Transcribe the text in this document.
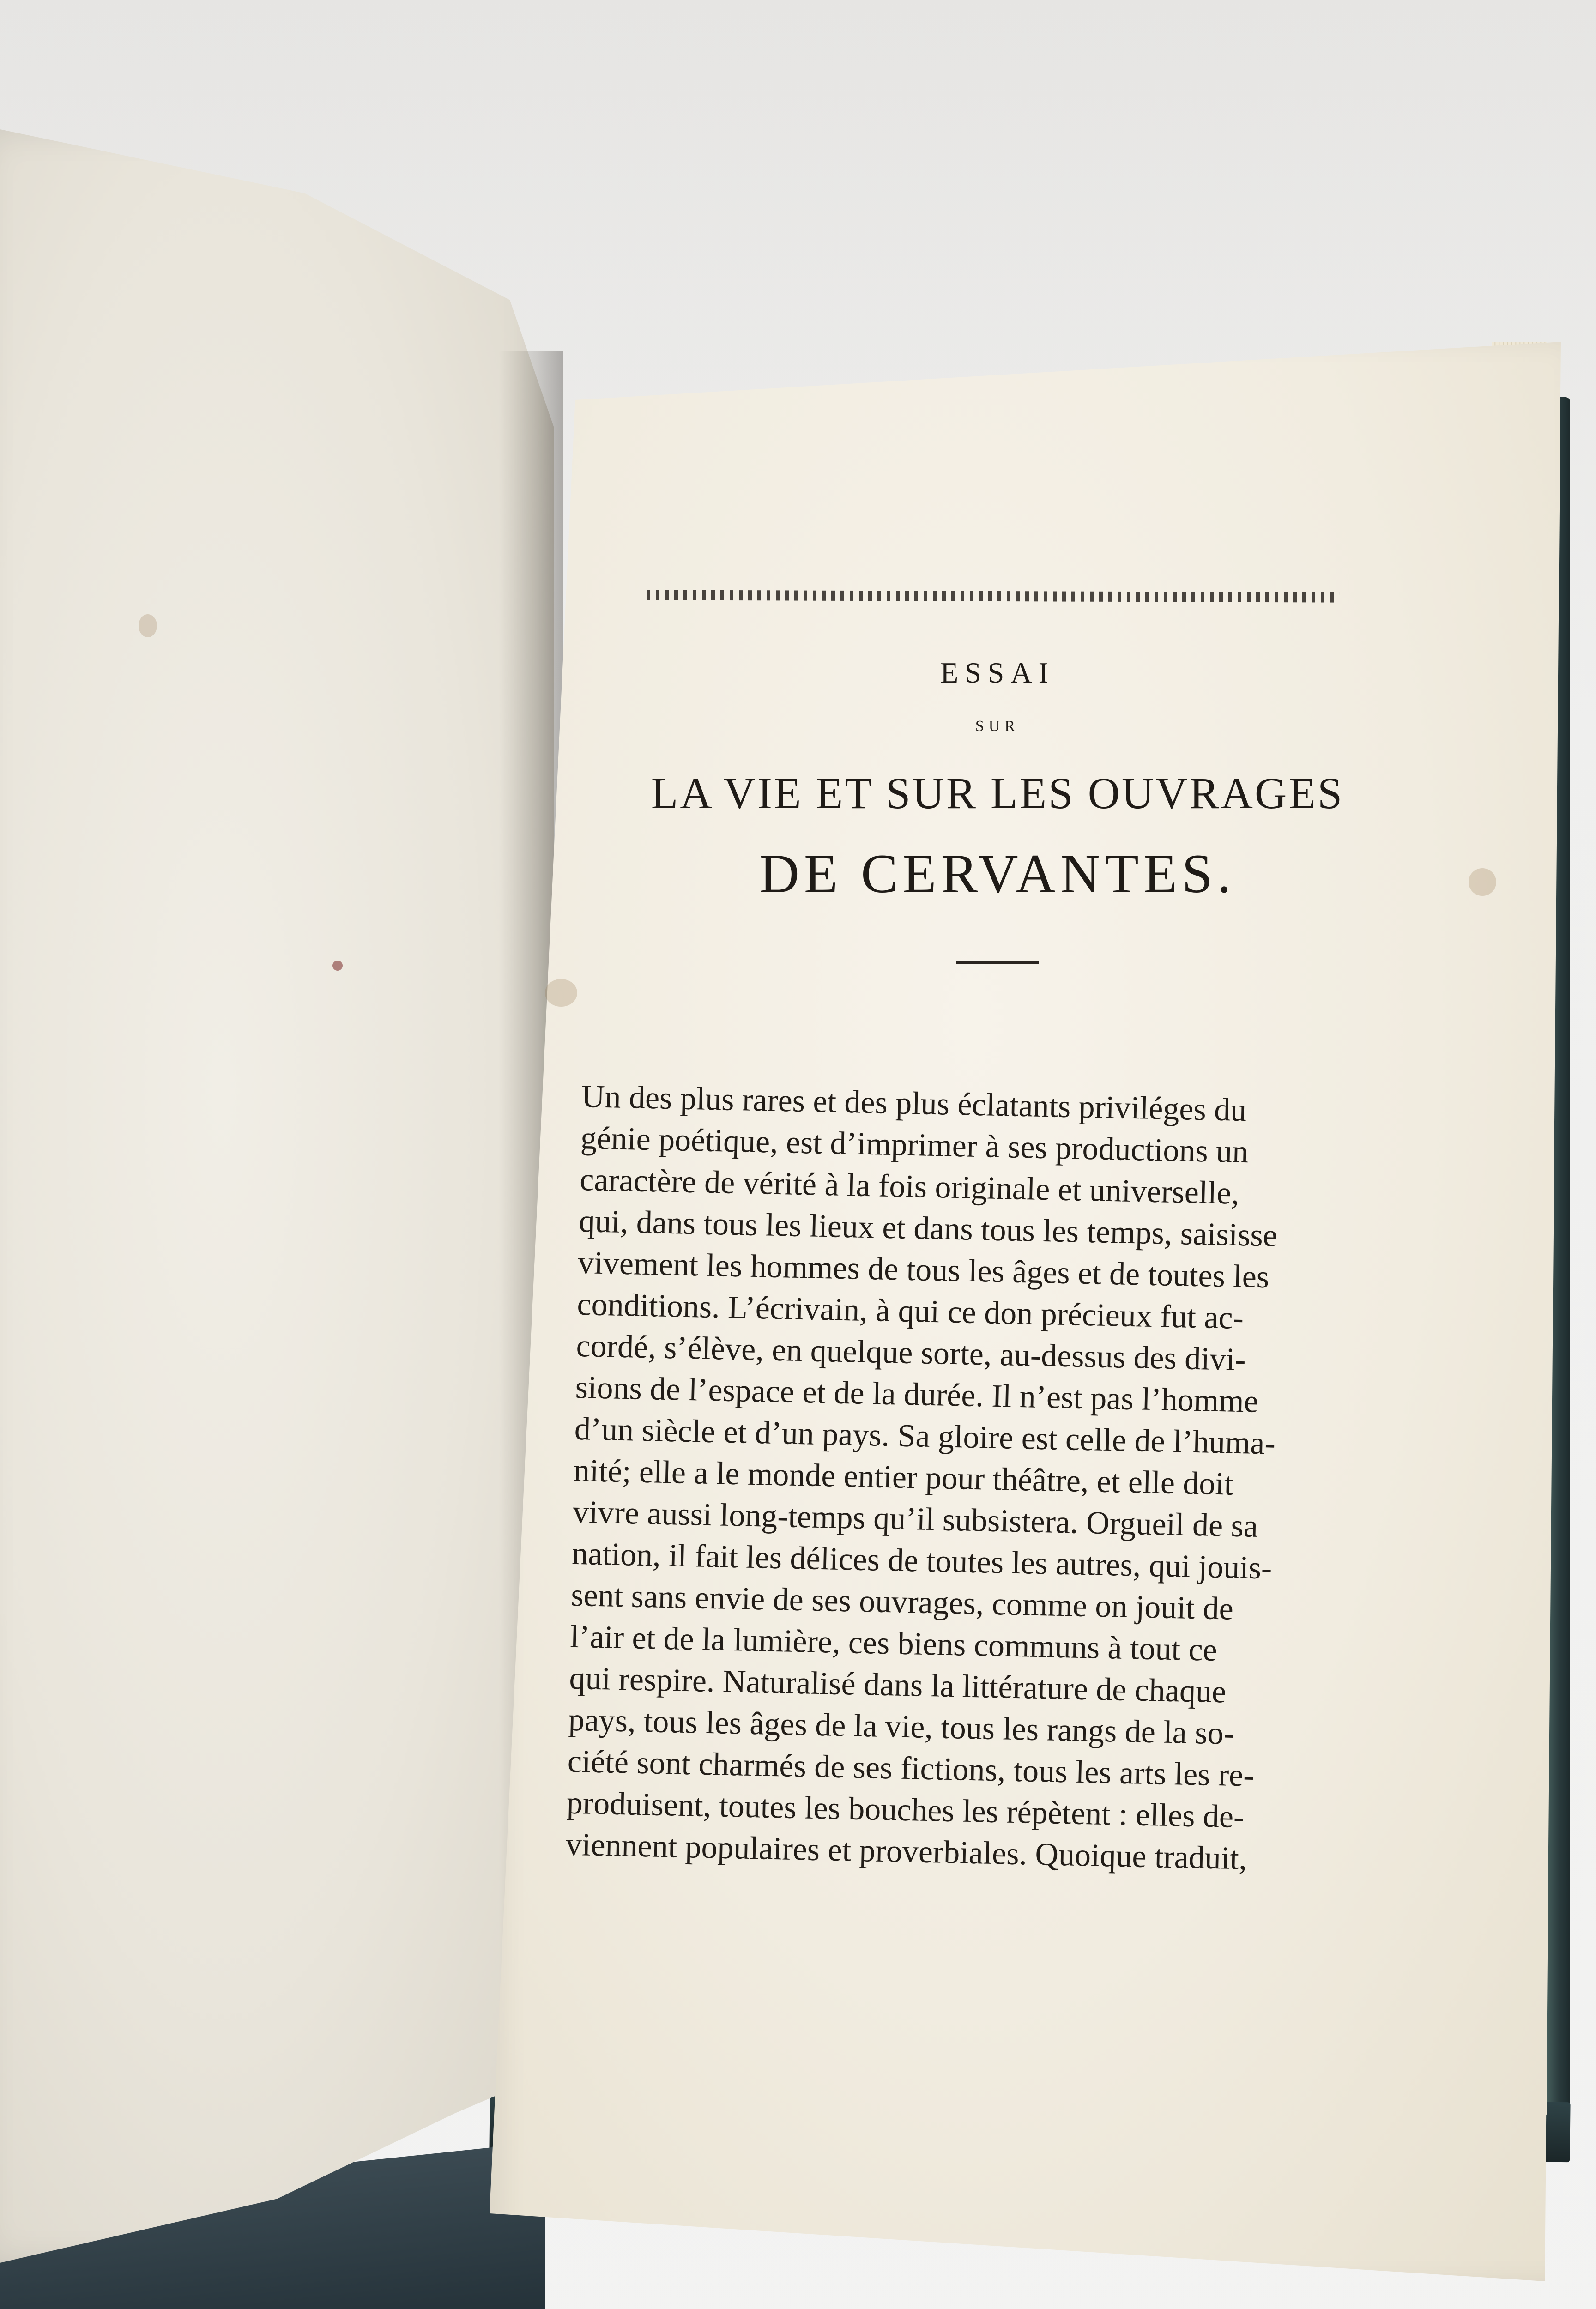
ESSAI
SUR
LA VIE ET SUR LES OUVRAGES
DE CERVANTES.
Un des plus rares et des plus éclatants priviléges du
génie poétique, est d’imprimer à ses productions un
caractère de vérité à la fois originale et universelle,
qui, dans tous les lieux et dans tous les temps, saisisse
vivement les hommes de tous les âges et de toutes les
conditions. L’écrivain, à qui ce don précieux fut ac-
cordé, s’élève, en quelque sorte, au-dessus des divi-
sions de l’espace et de la durée. Il n’est pas l’homme
d’un siècle et d’un pays. Sa gloire est celle de l’huma-
nité; elle a le monde entier pour théâtre, et elle doit
vivre aussi long-temps qu’il subsistera. Orgueil de sa
nation, il fait les délices de toutes les autres, qui jouis-
sent sans envie de ses ouvrages, comme on jouit de
l’air et de la lumière, ces biens communs à tout ce
qui respire. Naturalisé dans la littérature de chaque
pays, tous les âges de la vie, tous les rangs de la so-
ciété sont charmés de ses fictions, tous les arts les re-
produisent, toutes les bouches les répètent : elles de-
viennent populaires et proverbiales. Quoique traduit,
